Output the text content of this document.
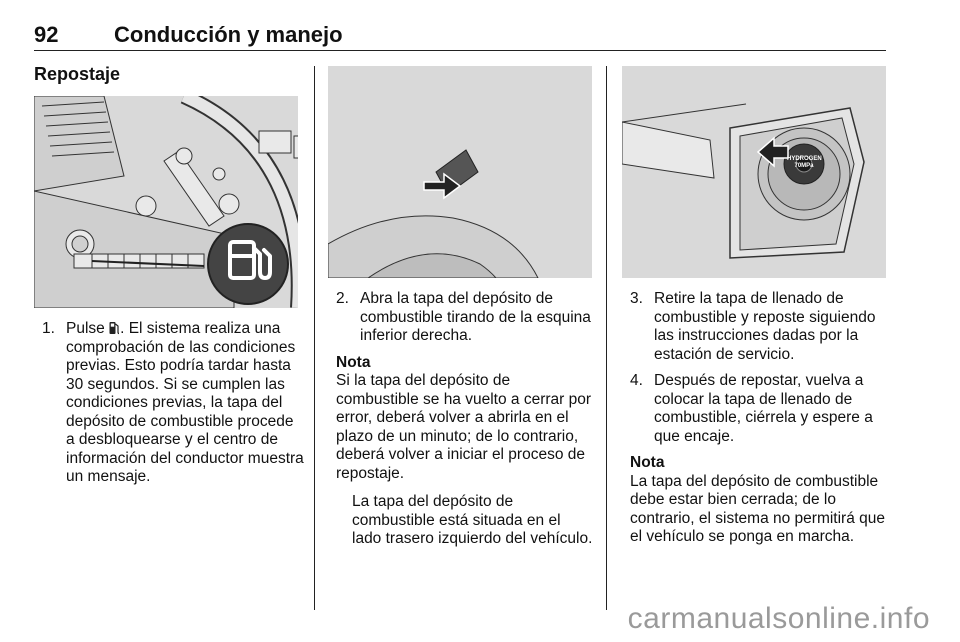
92	Conducción y manejo
Repostaje
HYDROGEN 70MPa
1. Pulse . El sistema realiza una comprobación de las condiciones previas. Esto podría tardar hasta 30 segundos. Si se cumplen las condiciones previas, la tapa del depósito de combustible procede a desbloquearse y el centro de información del conductor muestra un mensaje.
2. Abra la tapa del depósito de combustible tirando de la esquina inferior derecha.
Nota
Si la tapa del depósito de combustible se ha vuelto a cerrar por error, deberá volver a abrirla en el plazo de un minuto; de lo contrario, deberá volver a iniciar el proceso de repostaje.
La tapa del depósito de combustible está situada en el lado trasero izquierdo del vehículo.
3. Retire la tapa de llenado de combustible y reposte siguiendo las instrucciones dadas por la estación de servicio.
4. Después de repostar, vuelva a colocar la tapa de llenado de combustible, ciérrela y espere a que encaje.
Nota
La tapa del depósito de combustible debe estar bien cerrada; de lo contrario, el sistema no permitirá que el vehículo se ponga en marcha.
carmanualsonline.info
